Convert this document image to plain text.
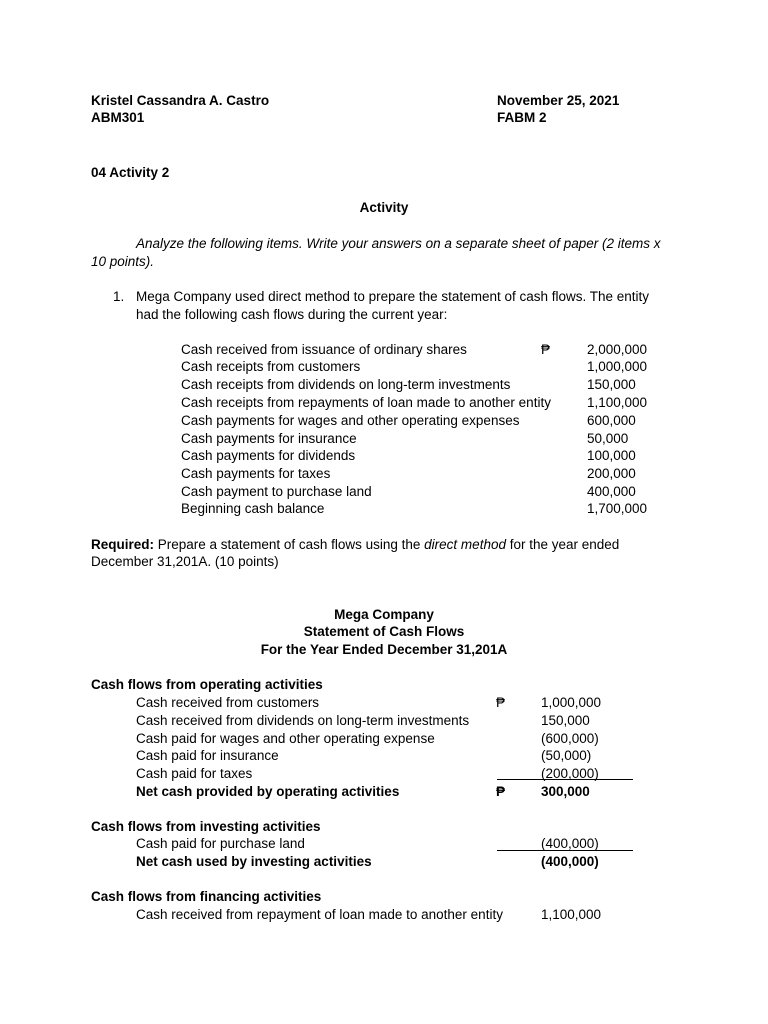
Kristel Cassandra A. Castro
ABM301
November 25, 2021
FABM 2
04 Activity 2
Activity
Analyze the following items. Write your answers on a separate sheet of paper (2 items x
10 points).
1. Mega Company used direct method to prepare the statement of cash flows. The entity
had the following cash flows during the current year:
₱
Cash received from issuance of ordinary shares	2,000,000
Cash receipts from customers	1,000,000
Cash receipts from dividends on long-term investments	150,000
Cash receipts from repayments of loan made to another entity	1,100,000
Cash payments for wages and other operating expenses	600,000
Cash payments for insurance	50,000
Cash payments for dividends	100,000
Cash payments for taxes	200,000
Cash payment to purchase land	400,000
Beginning cash balance	1,700,000
Required: Prepare a statement of cash flows using the direct method for the year ended
December 31,201A. (10 points)
Mega Company
Statement of Cash Flows
For the Year Ended December 31,201A
Cash flows from operating activities
₱
Cash received from customers	1,000,000
Cash received from dividends on long-term investments	150,000
Cash paid for wages and other operating expense	(600,000)
Cash paid for insurance	(50,000)
Cash paid for taxes	(200,000)
Net cash provided by operating activities	₱	300,000
Cash flows from investing activities
Cash paid for purchase land	(400,000)
Net cash used by investing activities	(400,000)
Cash flows from financing activities
Cash received from repayment of loan made to another entity	1,100,000
